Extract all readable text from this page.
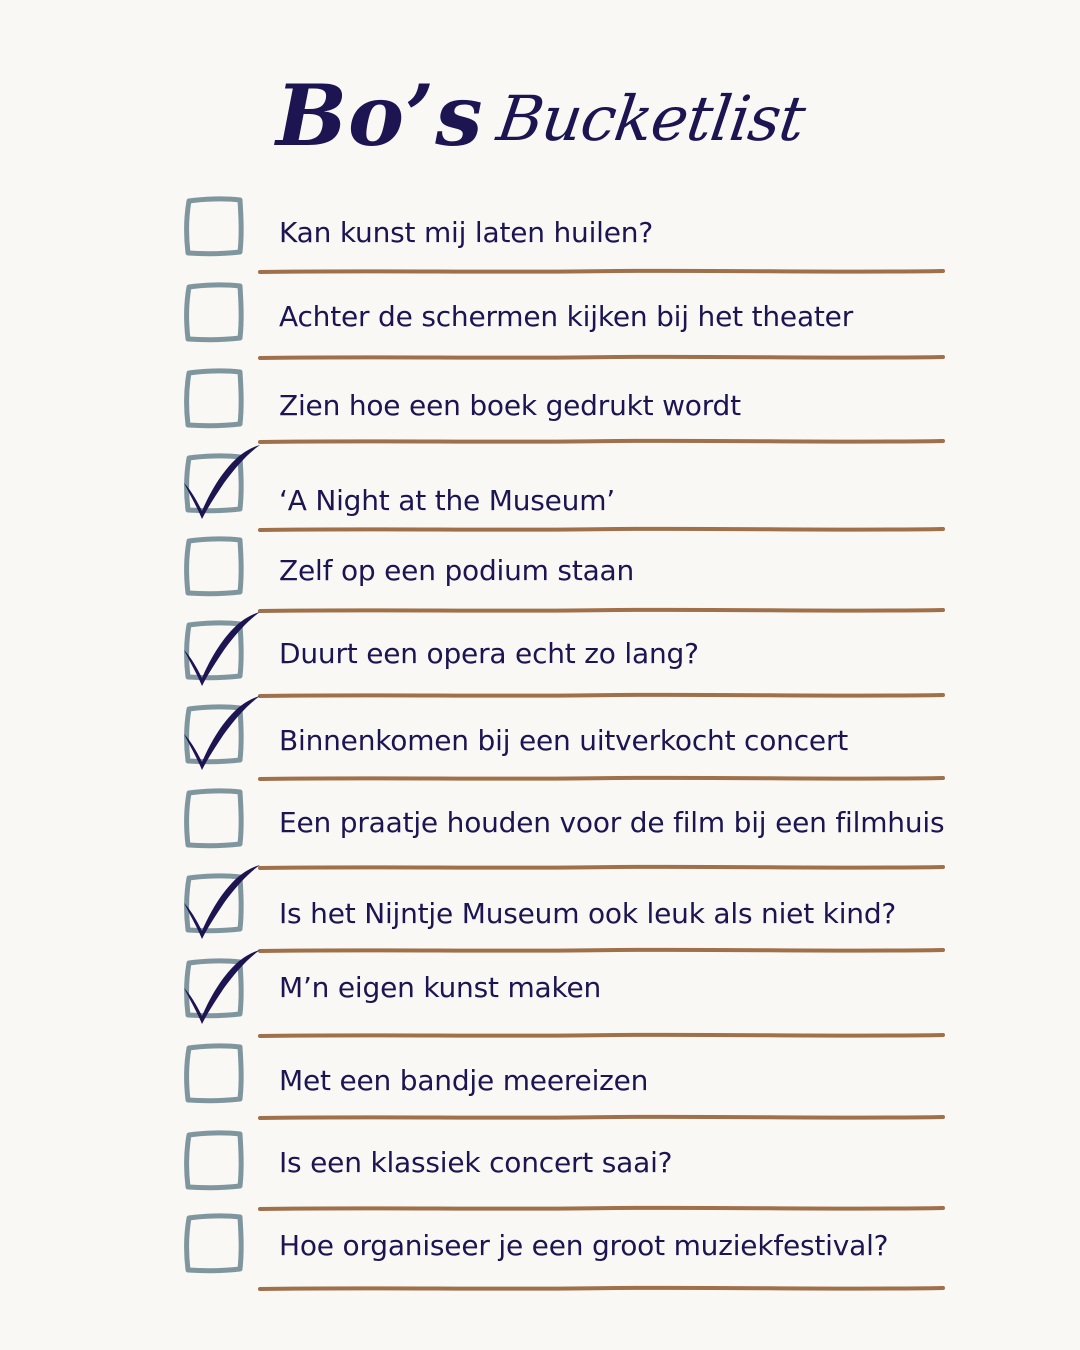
Bo’s Bucketlist
Kan kunst mij laten huilen?
Achter de schermen kijken bij het theater
Zien hoe een boek gedrukt wordt
‘A Night at the Museum’
Zelf op een podium staan
Duurt een opera echt zo lang?
Binnenkomen bij een uitverkocht concert
Een praatje houden voor de film bij een filmhuis
Is het Nijntje Museum ook leuk als niet kind?
M’n eigen kunst maken
Met een bandje meereizen
Is een klassiek concert saai?
Hoe organiseer je een groot muziekfestival?
